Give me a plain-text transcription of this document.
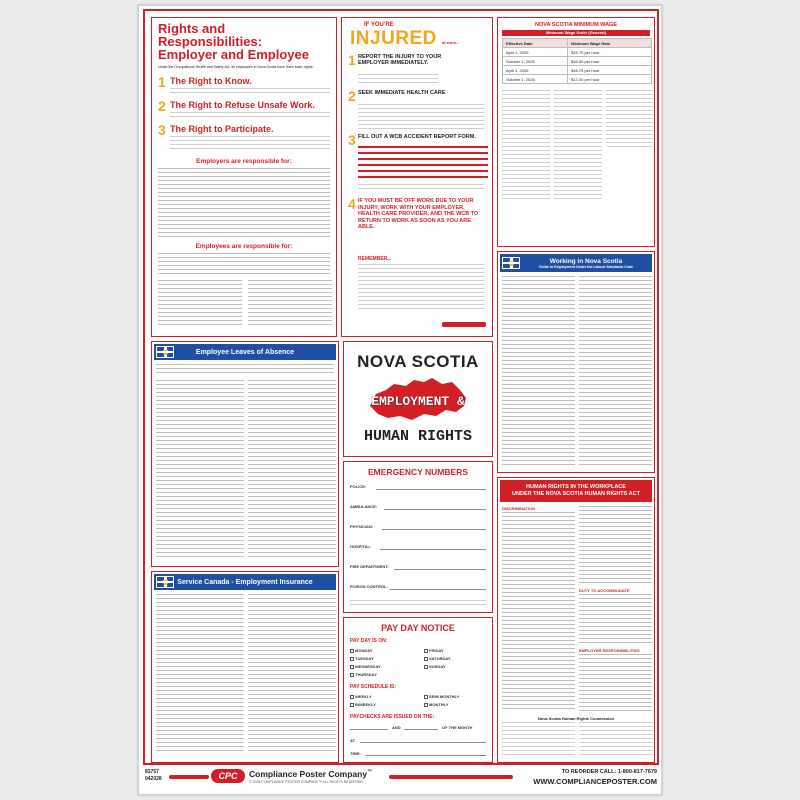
Rights and
Responsibilities:
Employer and Employee
Under the Occupational Health and Safety Act, all employees in Nova Scotia have three basic rights:
1 The Right to Know.
2 The Right to Refuse Unsafe Work.
3 The Right to Participate.
Employers are responsible for:
Employees are responsible for:
IF YOU'RE
INJURED at work...
1 REPORT THE INJURY TO YOUR EMPLOYER IMMEDIATELY.
2 SEEK IMMEDIATE HEALTH CARE
3 FILL OUT A WCB ACCIDENT REPORT FORM.
4 IF YOU MUST BE OFF WORK DUE TO YOUR INJURY, WORK WITH YOUR EMPLOYER, HEALTH CARE PROVIDER, AND THE WCB TO RETURN TO WORK AS SOON AS YOU ARE ABLE.
REMEMBER...
NOVA SCOTIA MINIMUM WAGE
Minimum Wage Order (General)
Effective Date	Minimum Wage Rate
April 1, 2025	$15.70 per hour
October 1, 2025	$16.50 per hour
April 1, 2026	$16.75 per hour
October 1, 2026	$17.00 per hour
Working in Nova Scotia
Guide to Employment Under the Labour Standards Code
Employee Leaves of Absence	NOVA SCOTIA
EMPLOYMENT &
HUMAN RIGHTS
EMERGENCY NUMBERS
POLICE:
AMBULANCE:
PHYSICIAN:
HOSPITAL:
FIRE DEPARTMENT:
POISON CONTROL:
PAY DAY NOTICE
PAY DAY IS ON:
MONDAY	FRIDAY
TUESDAY	SATURDAY
WEDNESDAY	SUNDAY
THURSDAY
PAY SCHEDULE IS:
WEEKLY	SEMI MONTHLY
BIWEEKLY	MONTHLY
PAYCHECKS ARE ISSUED ON THE:
AND	OF THE MONTH
AT
TIME:
Service Canada - Employment Insurance
HUMAN RIGHTS IN THE WORKPLACE
UNDER THE NOVA SCOTIA HUMAN RIGHTS ACT
DISCRIMINATION
DUTY TO ACCOMMODATE
EMPLOYER RESPONSIBILITIES
Nova Scotia Human Rights Commission
83757
042028	CPC	Compliance Poster Company™
© 2025 COMPLIANCE POSTER COMPANY™ ALL RIGHTS RESERVED
TO REORDER CALL: 1-800-817-7679
WWW.COMPLIANCEPOSTER.COM
